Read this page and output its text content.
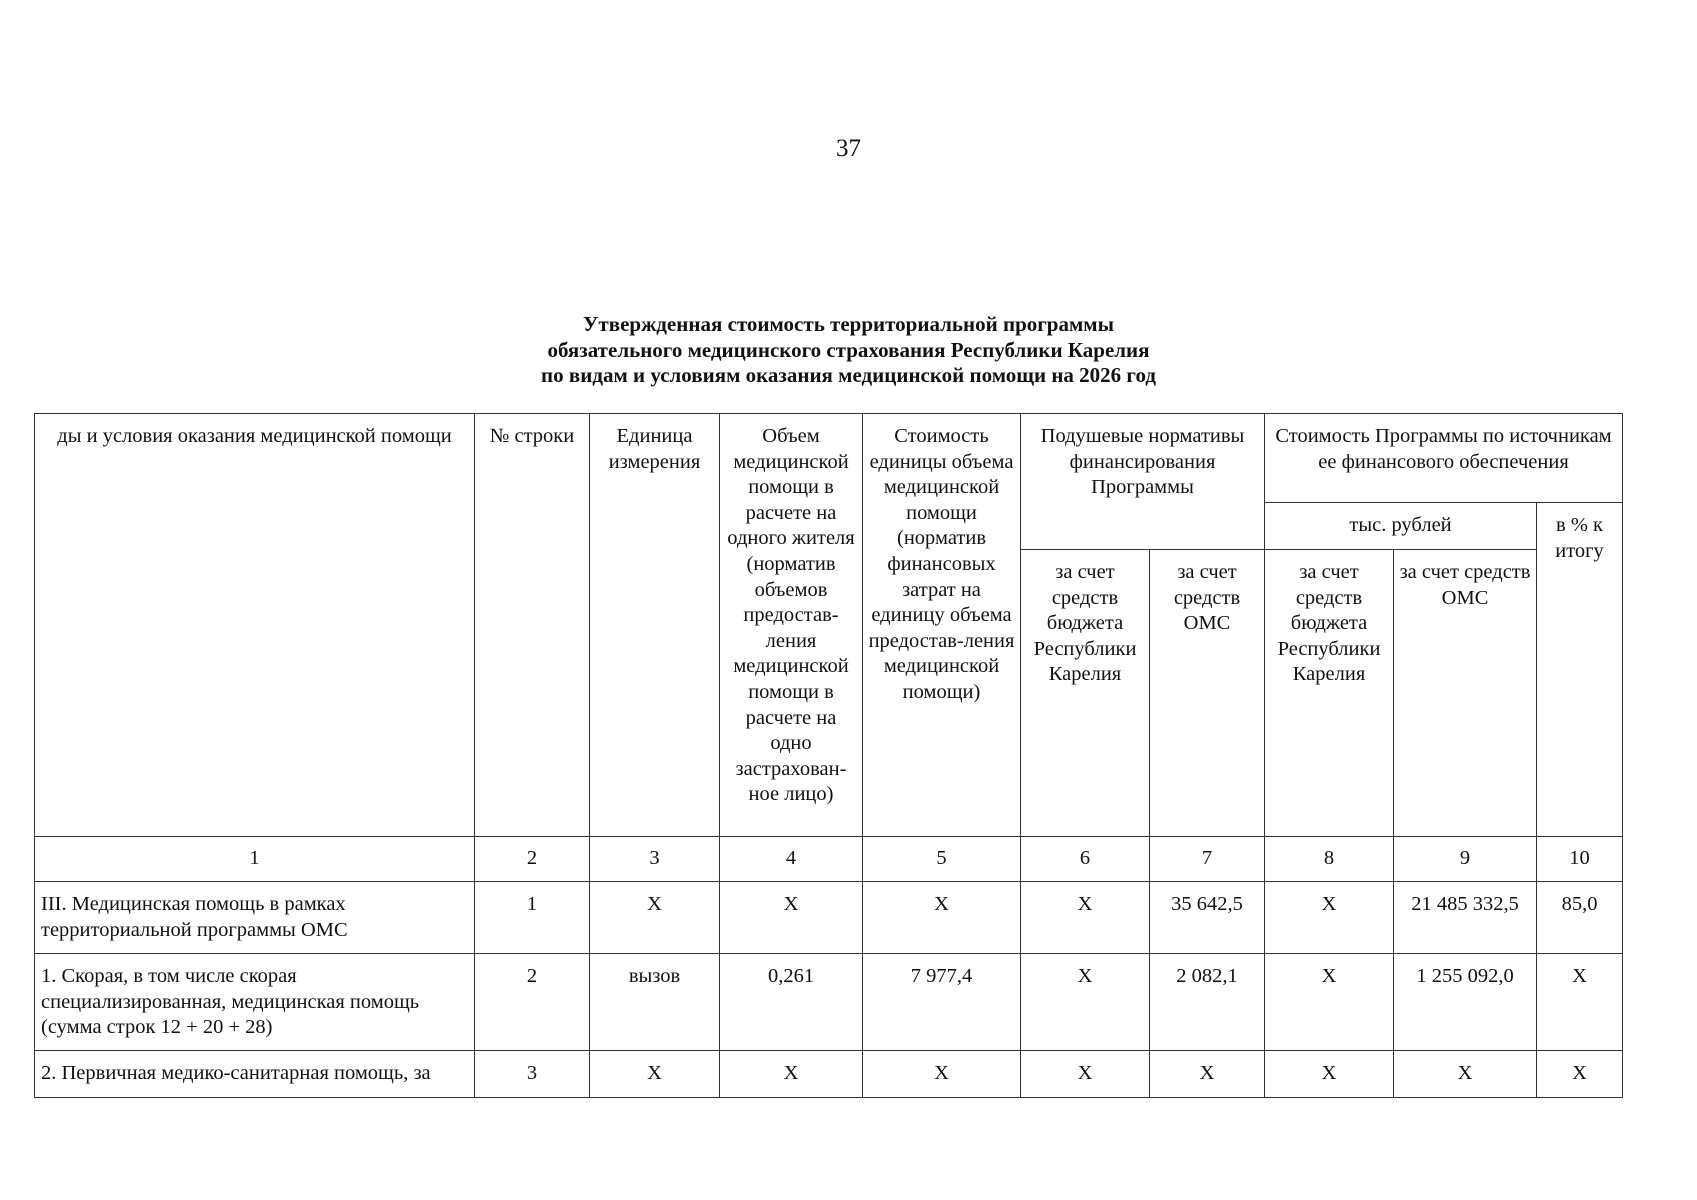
37
Утвержденная стоимость территориальной программы
обязательного медицинского страхования Республики Карелия
по видам и условиям оказания медицинской помощи на 2026 год
ды и условия оказания медицинской помощи	№ строки	Единица измерения	Объем медицинской помощи в расчете на одного жителя (норматив объемов предостав-ления медицинской помощи в расчете на одно застрахован-ное лицо)	Стоимость единицы объема медицинской помощи (норматив финансовых затрат на единицу объема предостав-ления медицинской помощи)	Подушевые нормативы финансирования Программы		Стоимость Программы по источникам ее финансового обеспечения		
							тыс. рублей		в % к итогу
					за счет средств бюджета Республики Карелия	за счет средств ОМС	за счет средств бюджета Республики Карелия	за счет средств ОМС	
1	2	3	4	5	6	7	8	9	10
III. Медицинская помощь в рамках территориальной программы ОМС	1	Х	Х	Х	Х	35 642,5	Х	21 485 332,5	85,0
1. Скорая, в том числе скорая специализированная, медицинская помощь (сумма строк 12 + 20 + 28)	2	вызов	0,261	7 977,4	Х	2 082,1	Х	1 255 092,0	Х
2. Первичная медико-санитарная помощь, за	3	Х	Х	Х	Х	Х	Х	Х	Х
